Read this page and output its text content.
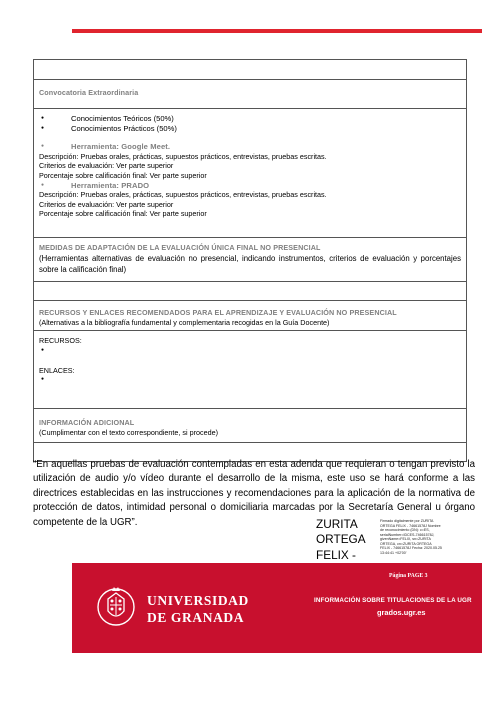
Convocatoria Extraordinaria

● Conocimientos Teóricos (50%)
● Conocimientos Prácticos (50%)
● Herramienta: Google Meet.
Descripción: Pruebas orales, prácticas, supuestos prácticos, entrevistas, pruebas escritas.
Criterios de evaluación: Ver parte superior
Porcentaje sobre calificación final: Ver parte superior
● Herramienta: PRADO
Descripción: Pruebas orales, prácticas, supuestos prácticos, entrevistas, pruebas escritas.
Criterios de evaluación: Ver parte superior
Porcentaje sobre calificación final: Ver parte superior

MEDIDAS DE ADAPTACIÓN DE LA EVALUACIÓN ÚNICA FINAL NO PRESENCIAL
(Herramientas alternativas de evaluación no presencial, indicando instrumentos, criterios de evaluación y porcentajes sobre la calificación final)

RECURSOS Y ENLACES RECOMENDADOS PARA EL APRENDIZAJE Y EVALUACIÓN NO PRESENCIAL
(Alternativas a la bibliografía fundamental y complementaria recogidas en la Guía Docente)

RECURSOS:
●
ENLACES:
●

INFORMACIÓN ADICIONAL
(Cumplimentar con el texto correspondiente, si procede)

“En aquellas pruebas de evaluación contempladas en esta adenda que requieran o tengan previsto la utilización de audio y/o vídeo durante el desarrollo de la misma, este uso se hará conforme a las directrices establecidas en las instrucciones y recomendaciones para la aplicación de la normativa de protección de datos, intimidad personal o domiciliaria marcadas por la Secretaría General u órgano competente de la UGR”.	ZURITA
ORTEGA
FELIX -
Firmado digitalmente por ZURITA ORTEGA FELIX - 74661578J Nombre de reconocimiento (DN): c=ES, serialNumber=IDCES-74661578J, givenName=FELIX, sn=ZURITA ORTEGA, cn=ZURITA ORTEGA FELIX - 74661578J Fecha: 2020.05.25 13:44:41 +02'00'
UNIVERSIDAD
DE GRANADA
Página PAGE 3
INFORMACIÓN SOBRE TITULACIONES DE LA UGR
grados.ugr.es
